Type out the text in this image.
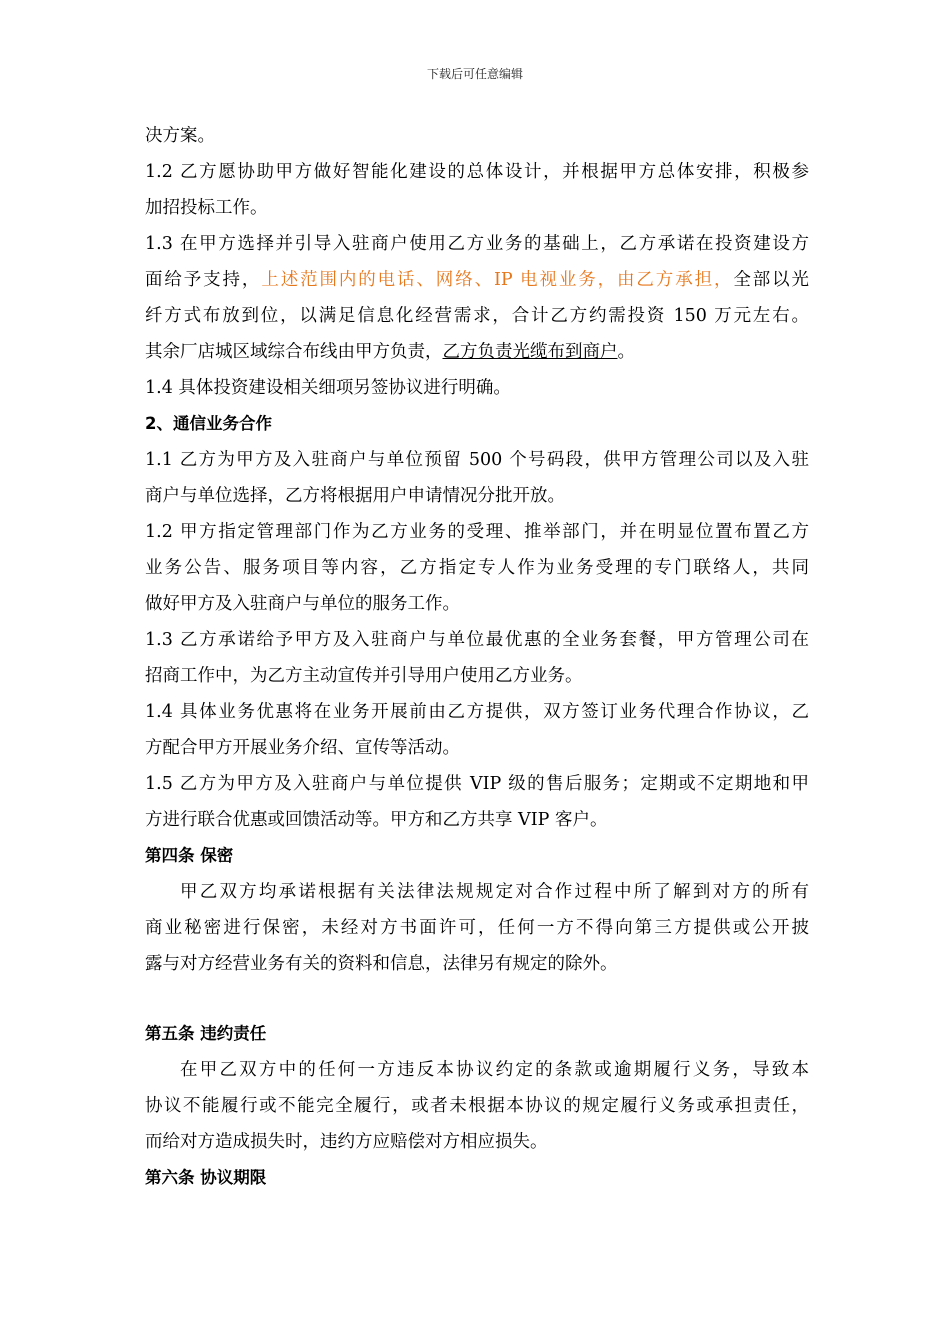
下载后可任意编辑
决方案。
1.2 乙方愿协助甲方做好智能化建设的总体设计，并根据甲方总体安排，积极参
加招投标工作。
1.3 在甲方选择并引导入驻商户使用乙方业务的基础上，乙方承诺在投资建设方
面给予支持，上述范围内的电话、网络、IP 电视业务，由乙方承担，全部以光
纤方式布放到位，以满足信息化经营需求，合计乙方约需投资 150 万元左右。
其余厂店城区域综合布线由甲方负责，乙方负责光缆布到商户。
1.4 具体投资建设相关细项另签协议进行明确。
2、通信业务合作
1.1 乙方为甲方及入驻商户与单位预留 500 个号码段，供甲方管理公司以及入驻
商户与单位选择，乙方将根据用户申请情况分批开放。
1.2 甲方指定管理部门作为乙方业务的受理、推举部门，并在明显位置布置乙方
业务公告、服务项目等内容，乙方指定专人作为业务受理的专门联络人，共同
做好甲方及入驻商户与单位的服务工作。
1.3 乙方承诺给予甲方及入驻商户与单位最优惠的全业务套餐，甲方管理公司在
招商工作中，为乙方主动宣传并引导用户使用乙方业务。
1.4 具体业务优惠将在业务开展前由乙方提供，双方签订业务代理合作协议，乙
方配合甲方开展业务介绍、宣传等活动。
1.5 乙方为甲方及入驻商户与单位提供 VIP 级的售后服务；定期或不定期地和甲
方进行联合优惠或回馈活动等。甲方和乙方共享 VIP 客户。
第四条 保密
甲乙双方均承诺根据有关法律法规规定对合作过程中所了解到对方的所有
商业秘密进行保密，未经对方书面许可，任何一方不得向第三方提供或公开披
露与对方经营业务有关的资料和信息，法律另有规定的除外。
第五条 违约责任
在甲乙双方中的任何一方违反本协议约定的条款或逾期履行义务，导致本
协议不能履行或不能完全履行，或者未根据本协议的规定履行义务或承担责任，
而给对方造成损失时，违约方应赔偿对方相应损失。
第六条 协议期限
